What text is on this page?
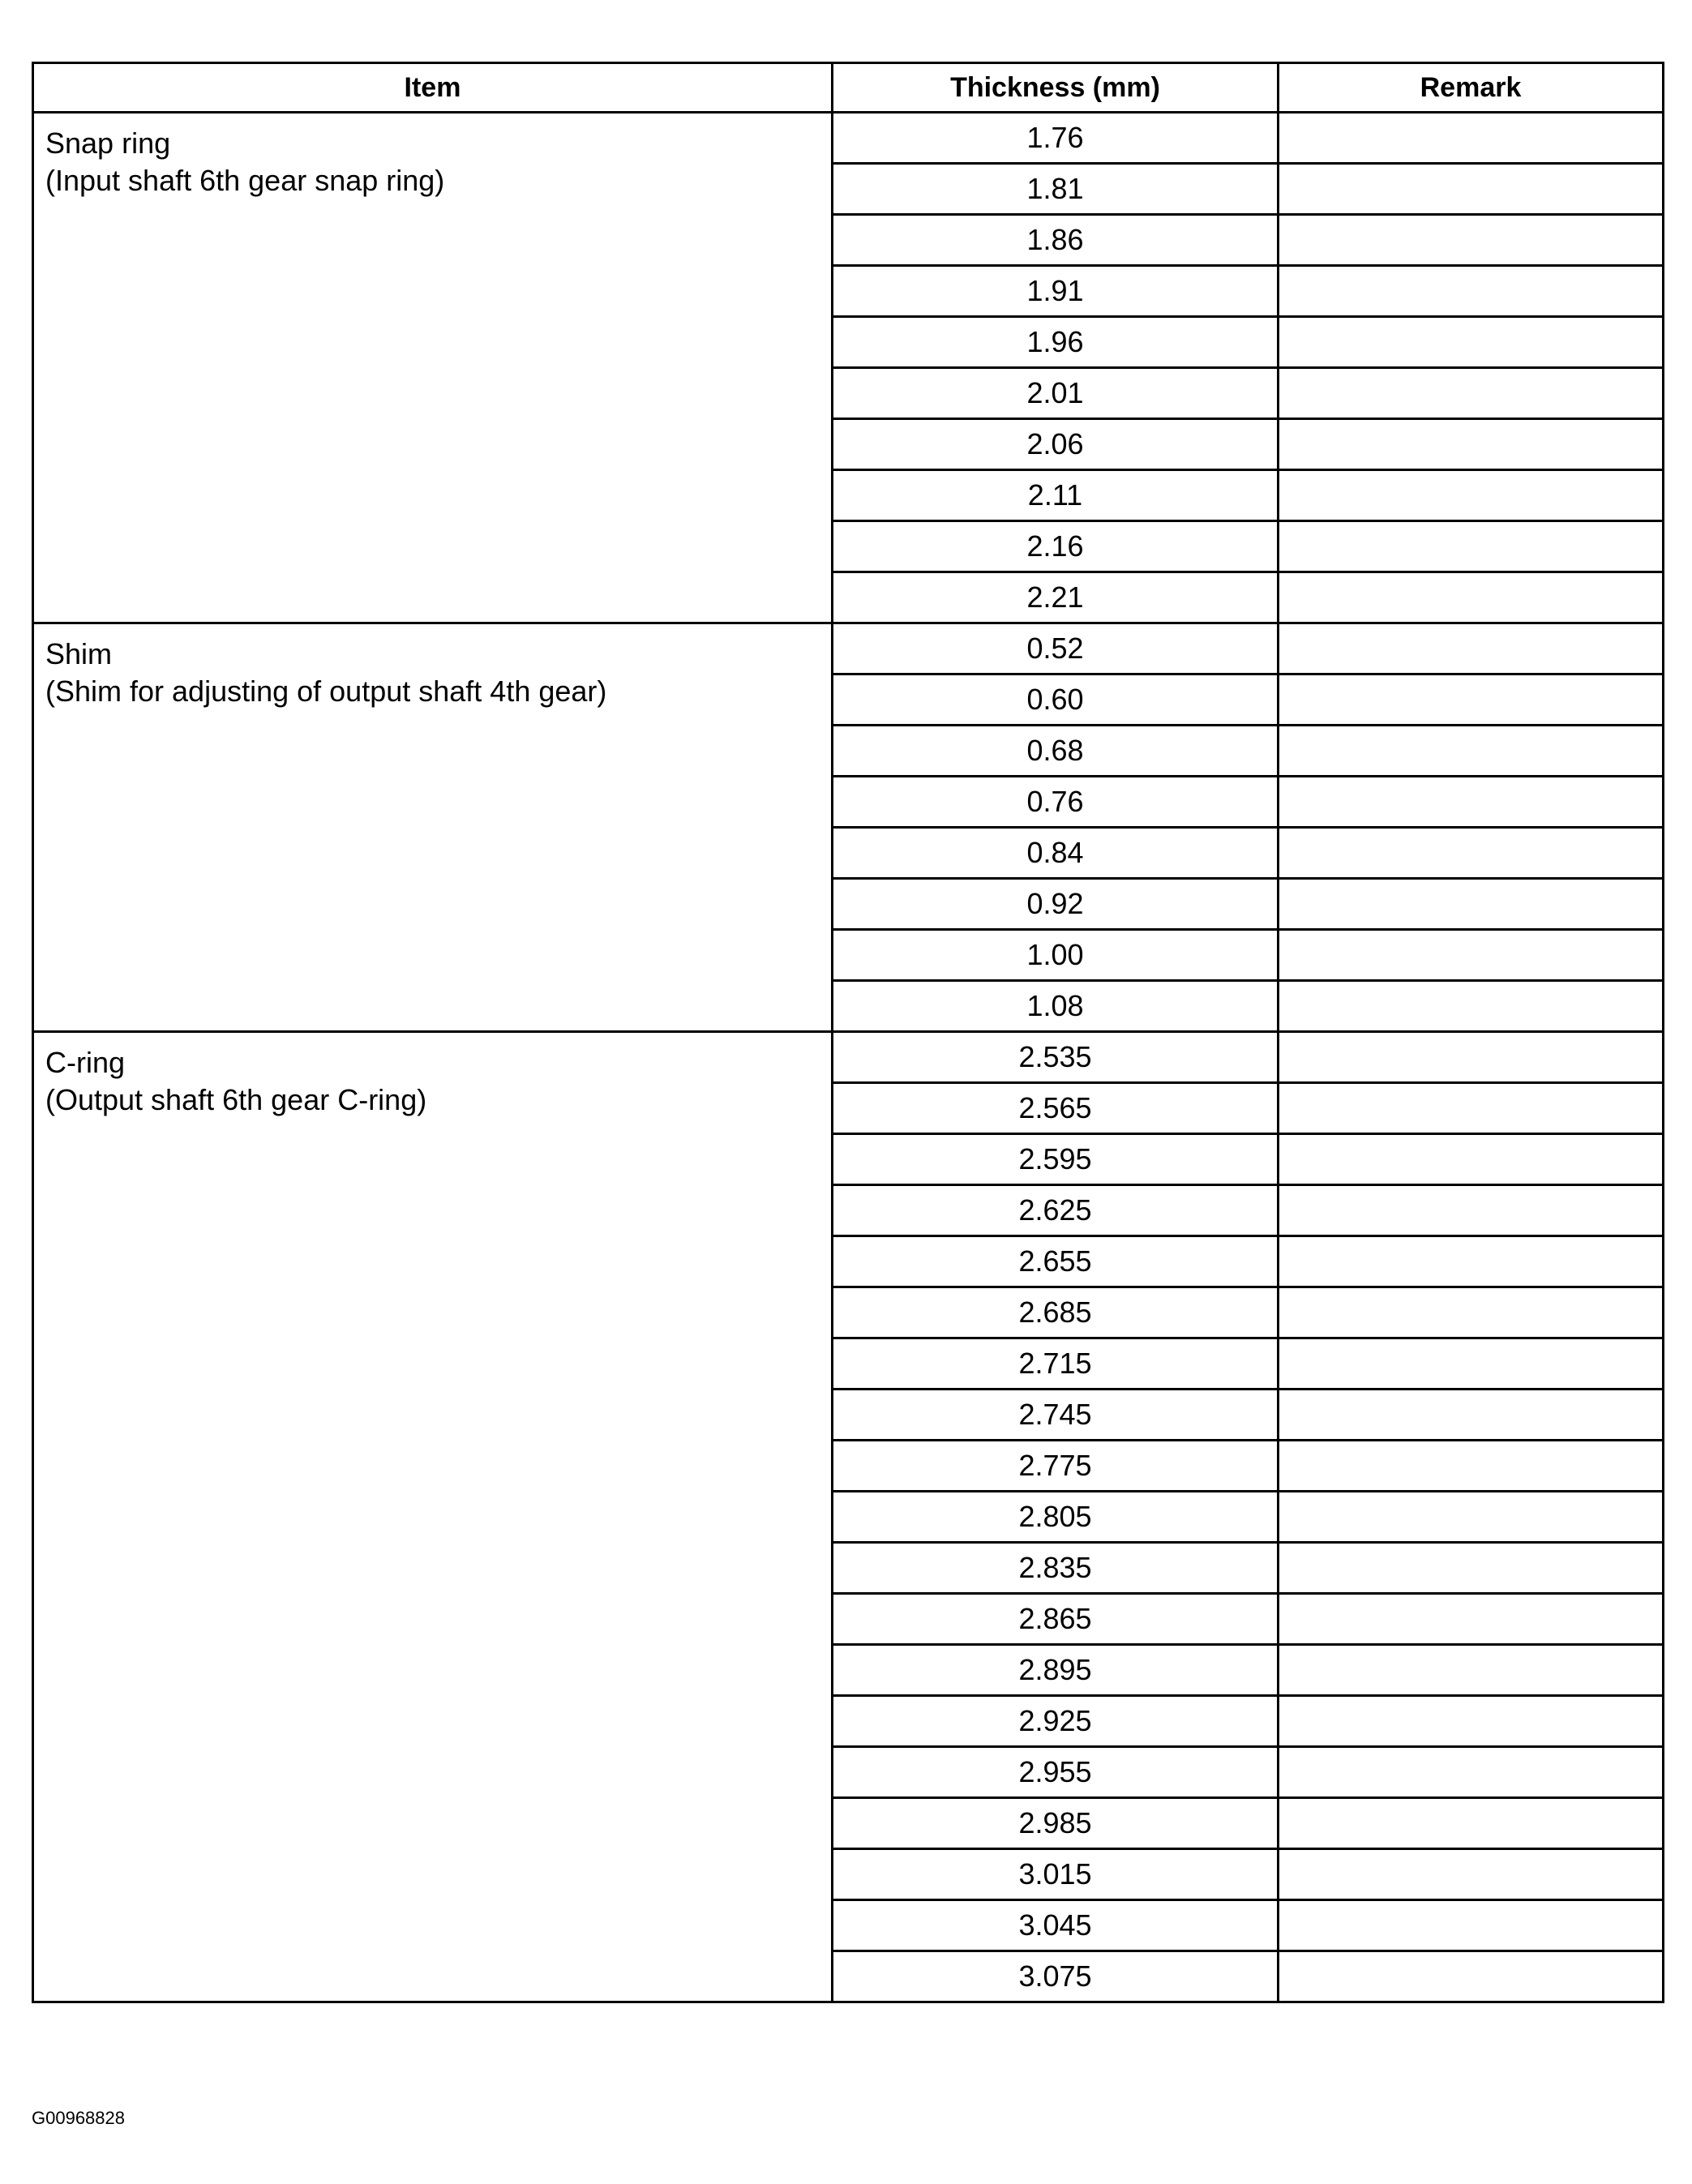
Item	Thickness (mm)	Remark

Snap ring
(Input shaft 6th gear snap ring)	1.76	
	1.81	
	1.86	
	1.91	
	1.96	
	2.01	
	2.06	
	2.11	
	2.16	
	2.21	

Shim
(Shim for adjusting of output shaft 4th gear)	0.52	
	0.60	
	0.68	
	0.76	
	0.84	
	0.92	
	1.00	
	1.08	

C-ring
(Output shaft 6th gear C-ring)	2.535	
	2.565	
	2.595	
	2.625	
	2.655	
	2.685	
	2.715	
	2.745	
	2.775	
	2.805	
	2.835	
	2.865	
	2.895	
	2.925	
	2.955	
	2.985	
	3.015	
	3.045	
	3.075	
G00968828
